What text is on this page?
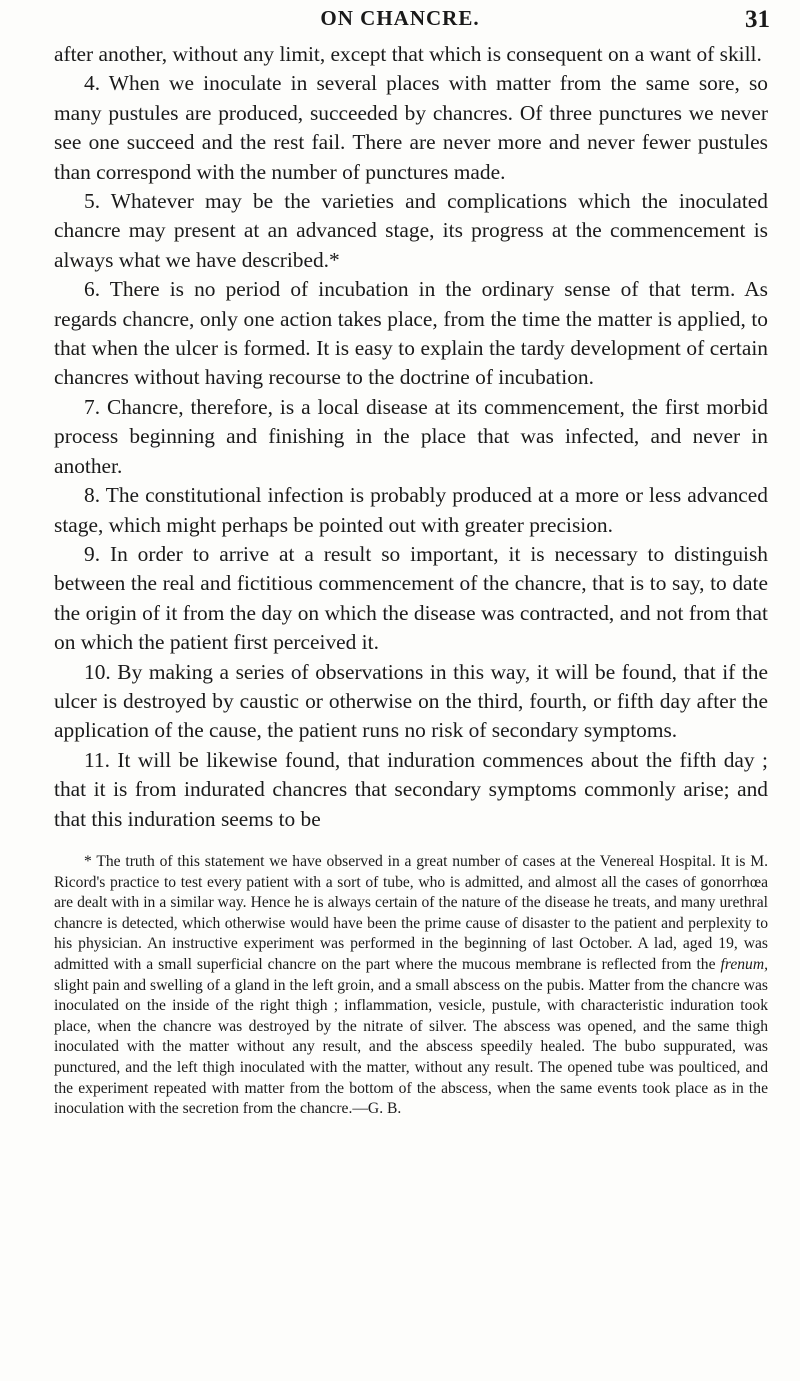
ON CHANCRE.	31

after another, without any limit, except that which is consequent on a want of skill.

4. When we inoculate in several places with matter from the same sore, so many pustules are produced, succeeded by chancres. Of three punctures we never see one succeed and the rest fail. There are never more and never fewer pustules than correspond with the number of punctures made.

5. Whatever may be the varieties and complications which the inoculated chancre may present at an advanced stage, its progress at the commencement is always what we have described.*

6. There is no period of incubation in the ordinary sense of that term. As regards chancre, only one action takes place, from the time the matter is applied, to that when the ulcer is formed. It is easy to explain the tardy development of certain chancres without having recourse to the doctrine of incubation.

7. Chancre, therefore, is a local disease at its commencement, the first morbid process beginning and finishing in the place that was infected, and never in another.

8. The constitutional infection is probably produced at a more or less advanced stage, which might perhaps be pointed out with greater precision.

9. In order to arrive at a result so important, it is necessary to distinguish between the real and fictitious commencement of the chancre, that is to say, to date the origin of it from the day on which the disease was contracted, and not from that on which the patient first perceived it.

10. By making a series of observations in this way, it will be found, that if the ulcer is destroyed by caustic or otherwise on the third, fourth, or fifth day after the application of the cause, the patient runs no risk of secondary symptoms.

11. It will be likewise found, that induration commences about the fifth day ; that it is from indurated chancres that secondary symptoms commonly arise; and that this induration seems to be

* The truth of this statement we have observed in a great number of cases at the Venereal Hospital. It is M. Ricord's practice to test every patient with a sort of tube, who is admitted, and almost all the cases of gonorrhœa are dealt with in a similar way. Hence he is always certain of the nature of the disease he treats, and many urethral chancre is detected, which otherwise would have been the prime cause of disaster to the patient and perplexity to his physician. An instructive experiment was performed in the beginning of last October. A lad, aged 19, was admitted with a small superficial chancre on the part where the mucous membrane is reflected from the frenum, slight pain and swelling of a gland in the left groin, and a small abscess on the pubis. Matter from the chancre was inoculated on the inside of the right thigh ; inflammation, vesicle, pustule, with characteristic induration took place, when the chancre was destroyed by the nitrate of silver. The abscess was opened, and the same thigh inoculated with the matter without any result, and the abscess speedily healed. The bubo suppurated, was punctured, and the left thigh inoculated with the matter, without any result. The opened tube was poulticed, and the experiment repeated with matter from the bottom of the abscess, when the same events took place as in the inoculation with the secretion from the chancre.—G. B.
